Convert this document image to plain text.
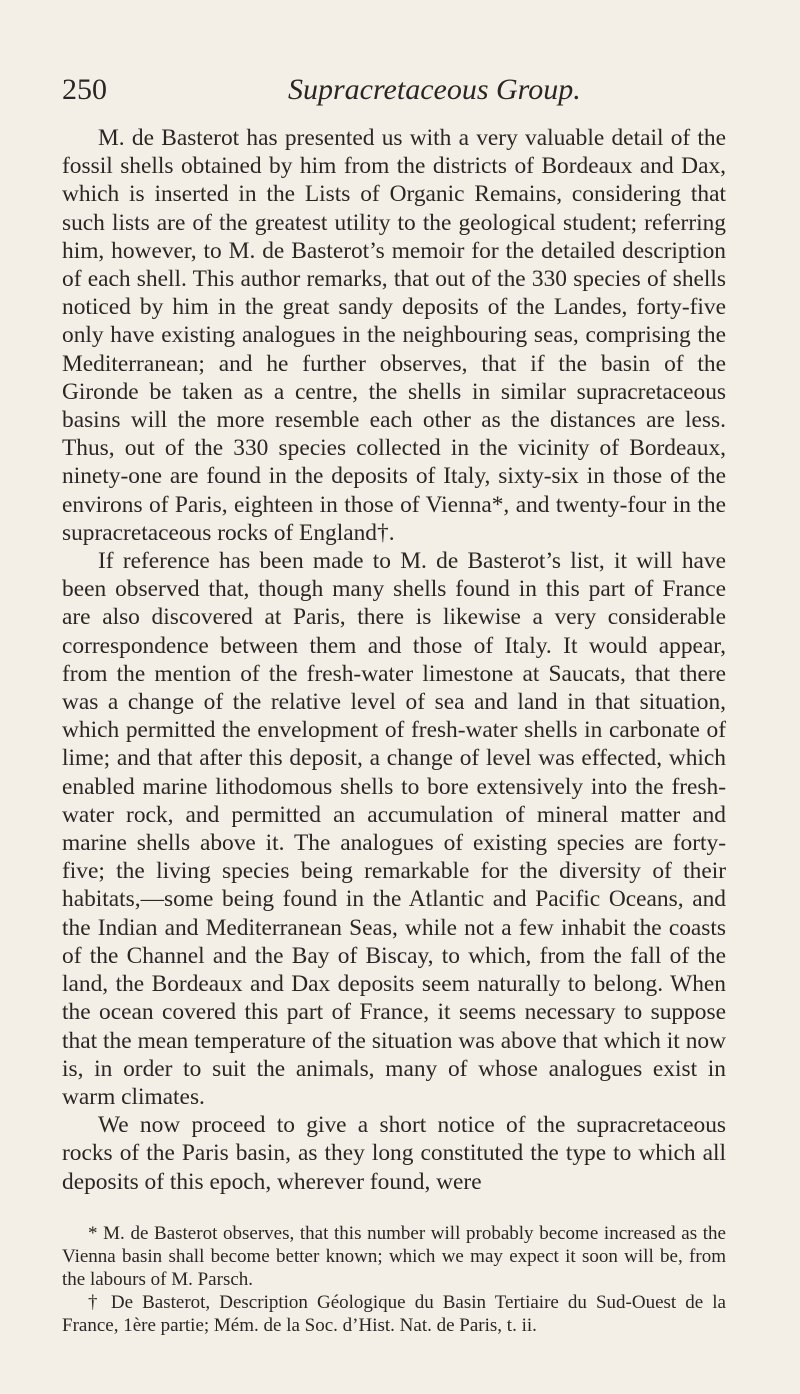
250	Supracretaceous Group.

M. de Basterot has presented us with a very valuable detail of the fossil shells obtained by him from the districts of Bordeaux and Dax, which is inserted in the Lists of Organic Remains, considering that such lists are of the greatest utility to the geological student; referring him, however, to M. de Basterot’s memoir for the detailed description of each shell. This author remarks, that out of the 330 species of shells noticed by him in the great sandy deposits of the Landes, forty-five only have existing analogues in the neighbouring seas, comprising the Mediterranean; and he further observes, that if the basin of the Gironde be taken as a centre, the shells in similar supracretaceous basins will the more resemble each other as the distances are less. Thus, out of the 330 species collected in the vicinity of Bordeaux, ninety-one are found in the deposits of Italy, sixty-six in those of the environs of Paris, eighteen in those of Vienna*, and twenty-four in the supracretaceous rocks of England†.

If reference has been made to M. de Basterot’s list, it will have been observed that, though many shells found in this part of France are also discovered at Paris, there is likewise a very considerable correspondence between them and those of Italy. It would appear, from the mention of the fresh-water limestone at Saucats, that there was a change of the relative level of sea and land in that situation, which permitted the envelopment of fresh-water shells in carbonate of lime; and that after this deposit, a change of level was effected, which enabled marine lithodomous shells to bore extensively into the fresh-water rock, and permitted an accumulation of mineral matter and marine shells above it. The analogues of existing species are forty-five; the living species being remarkable for the diversity of their habitats,—some being found in the Atlantic and Pacific Oceans, and the Indian and Mediterranean Seas, while not a few inhabit the coasts of the Channel and the Bay of Biscay, to which, from the fall of the land, the Bordeaux and Dax deposits seem naturally to belong. When the ocean covered this part of France, it seems necessary to suppose that the mean temperature of the situation was above that which it now is, in order to suit the animals, many of whose analogues exist in warm climates.

We now proceed to give a short notice of the supracretaceous rocks of the Paris basin, as they long constituted the type to which all deposits of this epoch, wherever found, were

* M. de Basterot observes, that this number will probably become increased as the Vienna basin shall become better known; which we may expect it soon will be, from the labours of M. Parsch.

† De Basterot, Description Géologique du Basin Tertiaire du Sud-Ouest de la France, 1ère partie; Mém. de la Soc. d’Hist. Nat. de Paris, t. ii.
